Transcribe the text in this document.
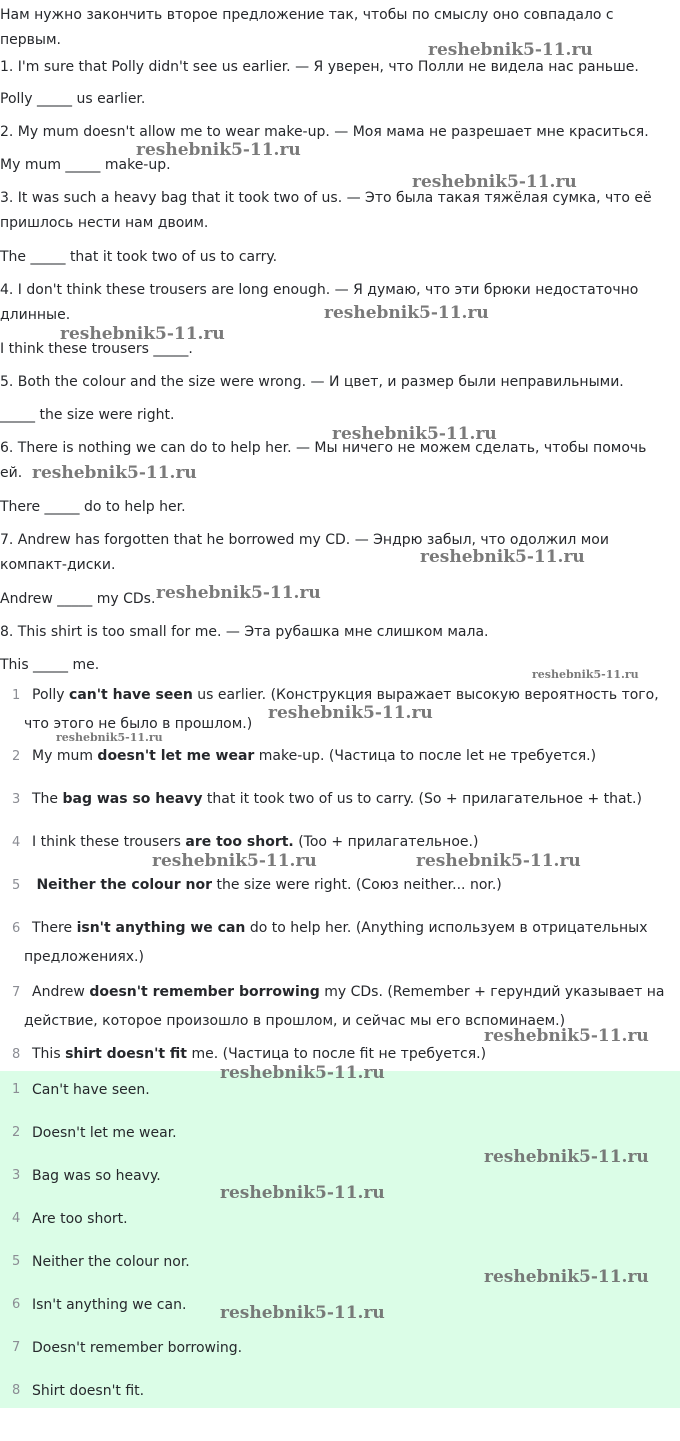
Нам нужно закончить второе предложение так, чтобы по смыслу оно совпадало с первым.

1. I'm sure that Polly didn't see us earlier. — Я уверен, что Полли не видела нас раньше.

Polly _____ us earlier.

2. My mum doesn't allow me to wear make-up. — Моя мама не разрешает мне краситься.

My mum _____ make-up.

3. It was such a heavy bag that it took two of us. — Это была такая тяжёлая сумка, что её пришлось нести нам двоим.

The _____ that it took two of us to carry.

4. I don't think these trousers are long enough. — Я думаю, что эти брюки недостаточно длинные.

I think these trousers _____.

5. Both the colour and the size were wrong. — И цвет, и размер были неправильными.

_____ the size were right.

6. There is nothing we can do to help her. — Мы ничего не можем сделать, чтобы помочь ей.

There _____ do to help her.

7. Andrew has forgotten that he borrowed my CD. — Эндрю забыл, что одолжил мои компакт-диски.

Andrew _____ my CDs.

8. This shirt is too small for me. — Эта рубашка мне слишком мала.

This _____ me.

1 Polly can't have seen us earlier. (Конструкция выражает высокую вероятность того, что этого не было в прошлом.)
2 My mum doesn't let me wear make-up. (Частица to после let не требуется.)
3 The bag was so heavy that it took two of us to carry. (So + прилагательное + that.)
4 I think these trousers are too short. (Too + прилагательное.)
5	Neither the colour nor the size were right. (Союз neither... nor.)
6 There isn't anything we can do to help her. (Anything используем в отрицательных предложениях.)
7 Andrew doesn't remember borrowing my CDs. (Remember + герундий указывает на действие, которое произошло в прошлом, и сейчас мы его вспоминаем.)
8 This shirt doesn't fit me. (Частица to после fit не требуется.)
1 Can't have seen.
2 Doesn't let me wear.
3 Bag was so heavy.
4 Are too short.
5 Neither the colour nor.
6 Isn't anything we can.
7 Doesn't remember borrowing.
8 Shirt doesn't fit.
reshebnik5-11.ru
reshebnik5-11.ru
reshebnik5-11.ru
reshebnik5-11.ru
reshebnik5-11.ru
reshebnik5-11.ru
reshebnik5-11.ru
reshebnik5-11.ru
reshebnik5-11.ru
reshebnik5-11.ru
reshebnik5-11.ru
reshebnik5-11.ru
reshebnik5-11.ru	reshebnik5-11.ru
reshebnik5-11.ru
reshebnik5-11.ru
reshebnik5-11.ru
reshebnik5-11.ru
reshebnik5-11.ru
reshebnik5-11.ru
